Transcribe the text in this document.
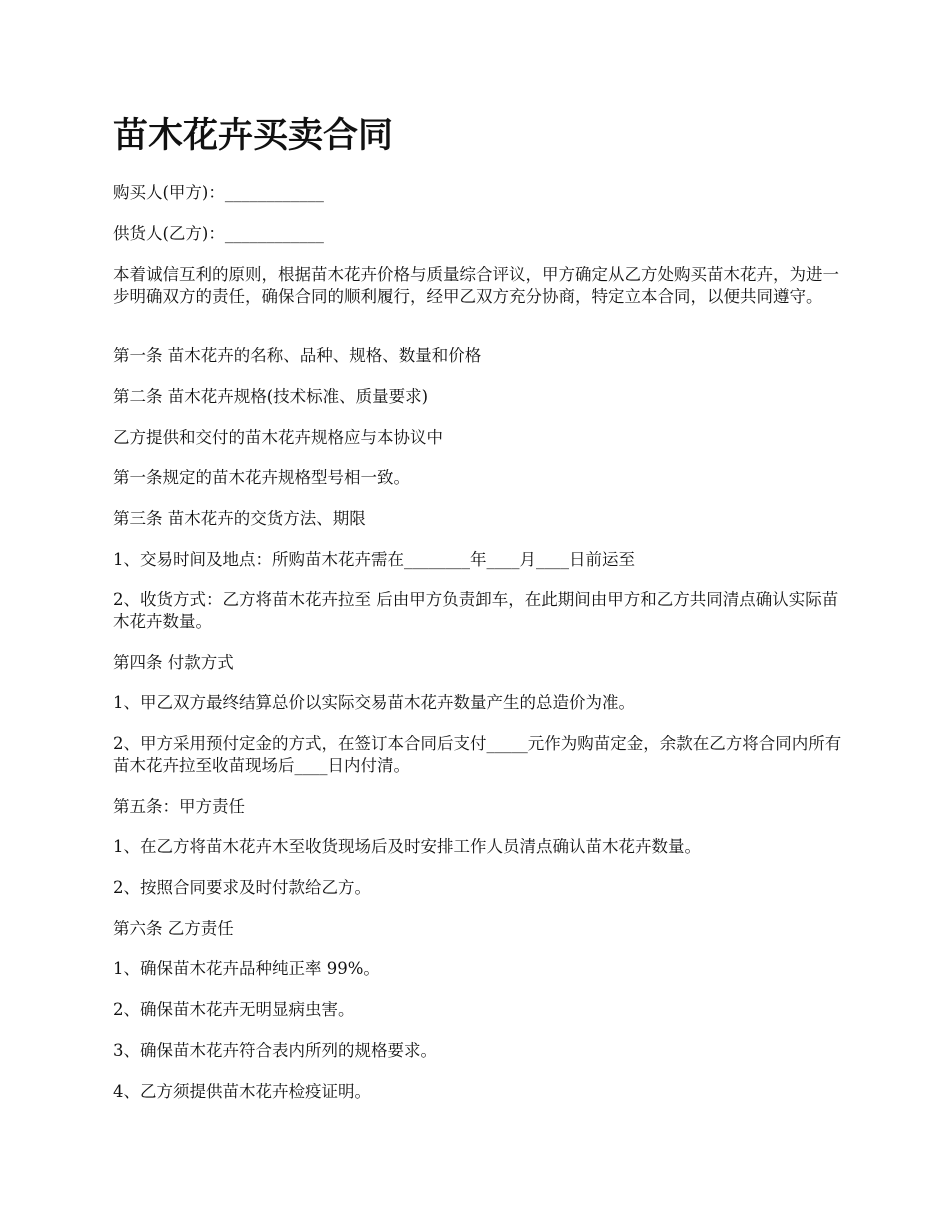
苗木花卉买卖合同

购买人(甲方)：____________

供货人(乙方)：____________

本着诚信互利的原则，根据苗木花卉价格与质量综合评议，甲方确定从乙方处购买苗木花卉，为进一步明确双方的责任，确保合同的顺利履行，经甲乙双方充分协商，特定立本合同，以便共同遵守。

第一条 苗木花卉的名称、品种、规格、数量和价格

第二条 苗木花卉规格(技术标准、质量要求)

乙方提供和交付的苗木花卉规格应与本协议中

第一条规定的苗木花卉规格型号相一致。

第三条 苗木花卉的交货方法、期限

1、交易时间及地点：所购苗木花卉需在________年____月____日前运至

2、收货方式：乙方将苗木花卉拉至 后由甲方负责卸车，在此期间由甲方和乙方共同清点确认实际苗木花卉数量。

第四条 付款方式

1、甲乙双方最终结算总价以实际交易苗木花卉数量产生的总造价为准。

2、甲方采用预付定金的方式，在签订本合同后支付_____元作为购苗定金，余款在乙方将合同内所有苗木花卉拉至收苗现场后____日内付清。

第五条：甲方责任

1、在乙方将苗木花卉木至收货现场后及时安排工作人员清点确认苗木花卉数量。

2、按照合同要求及时付款给乙方。

第六条 乙方责任

1、确保苗木花卉品种纯正率 99%。

2、确保苗木花卉无明显病虫害。

3、确保苗木花卉符合表内所列的规格要求。

4、乙方须提供苗木花卉检疫证明。
